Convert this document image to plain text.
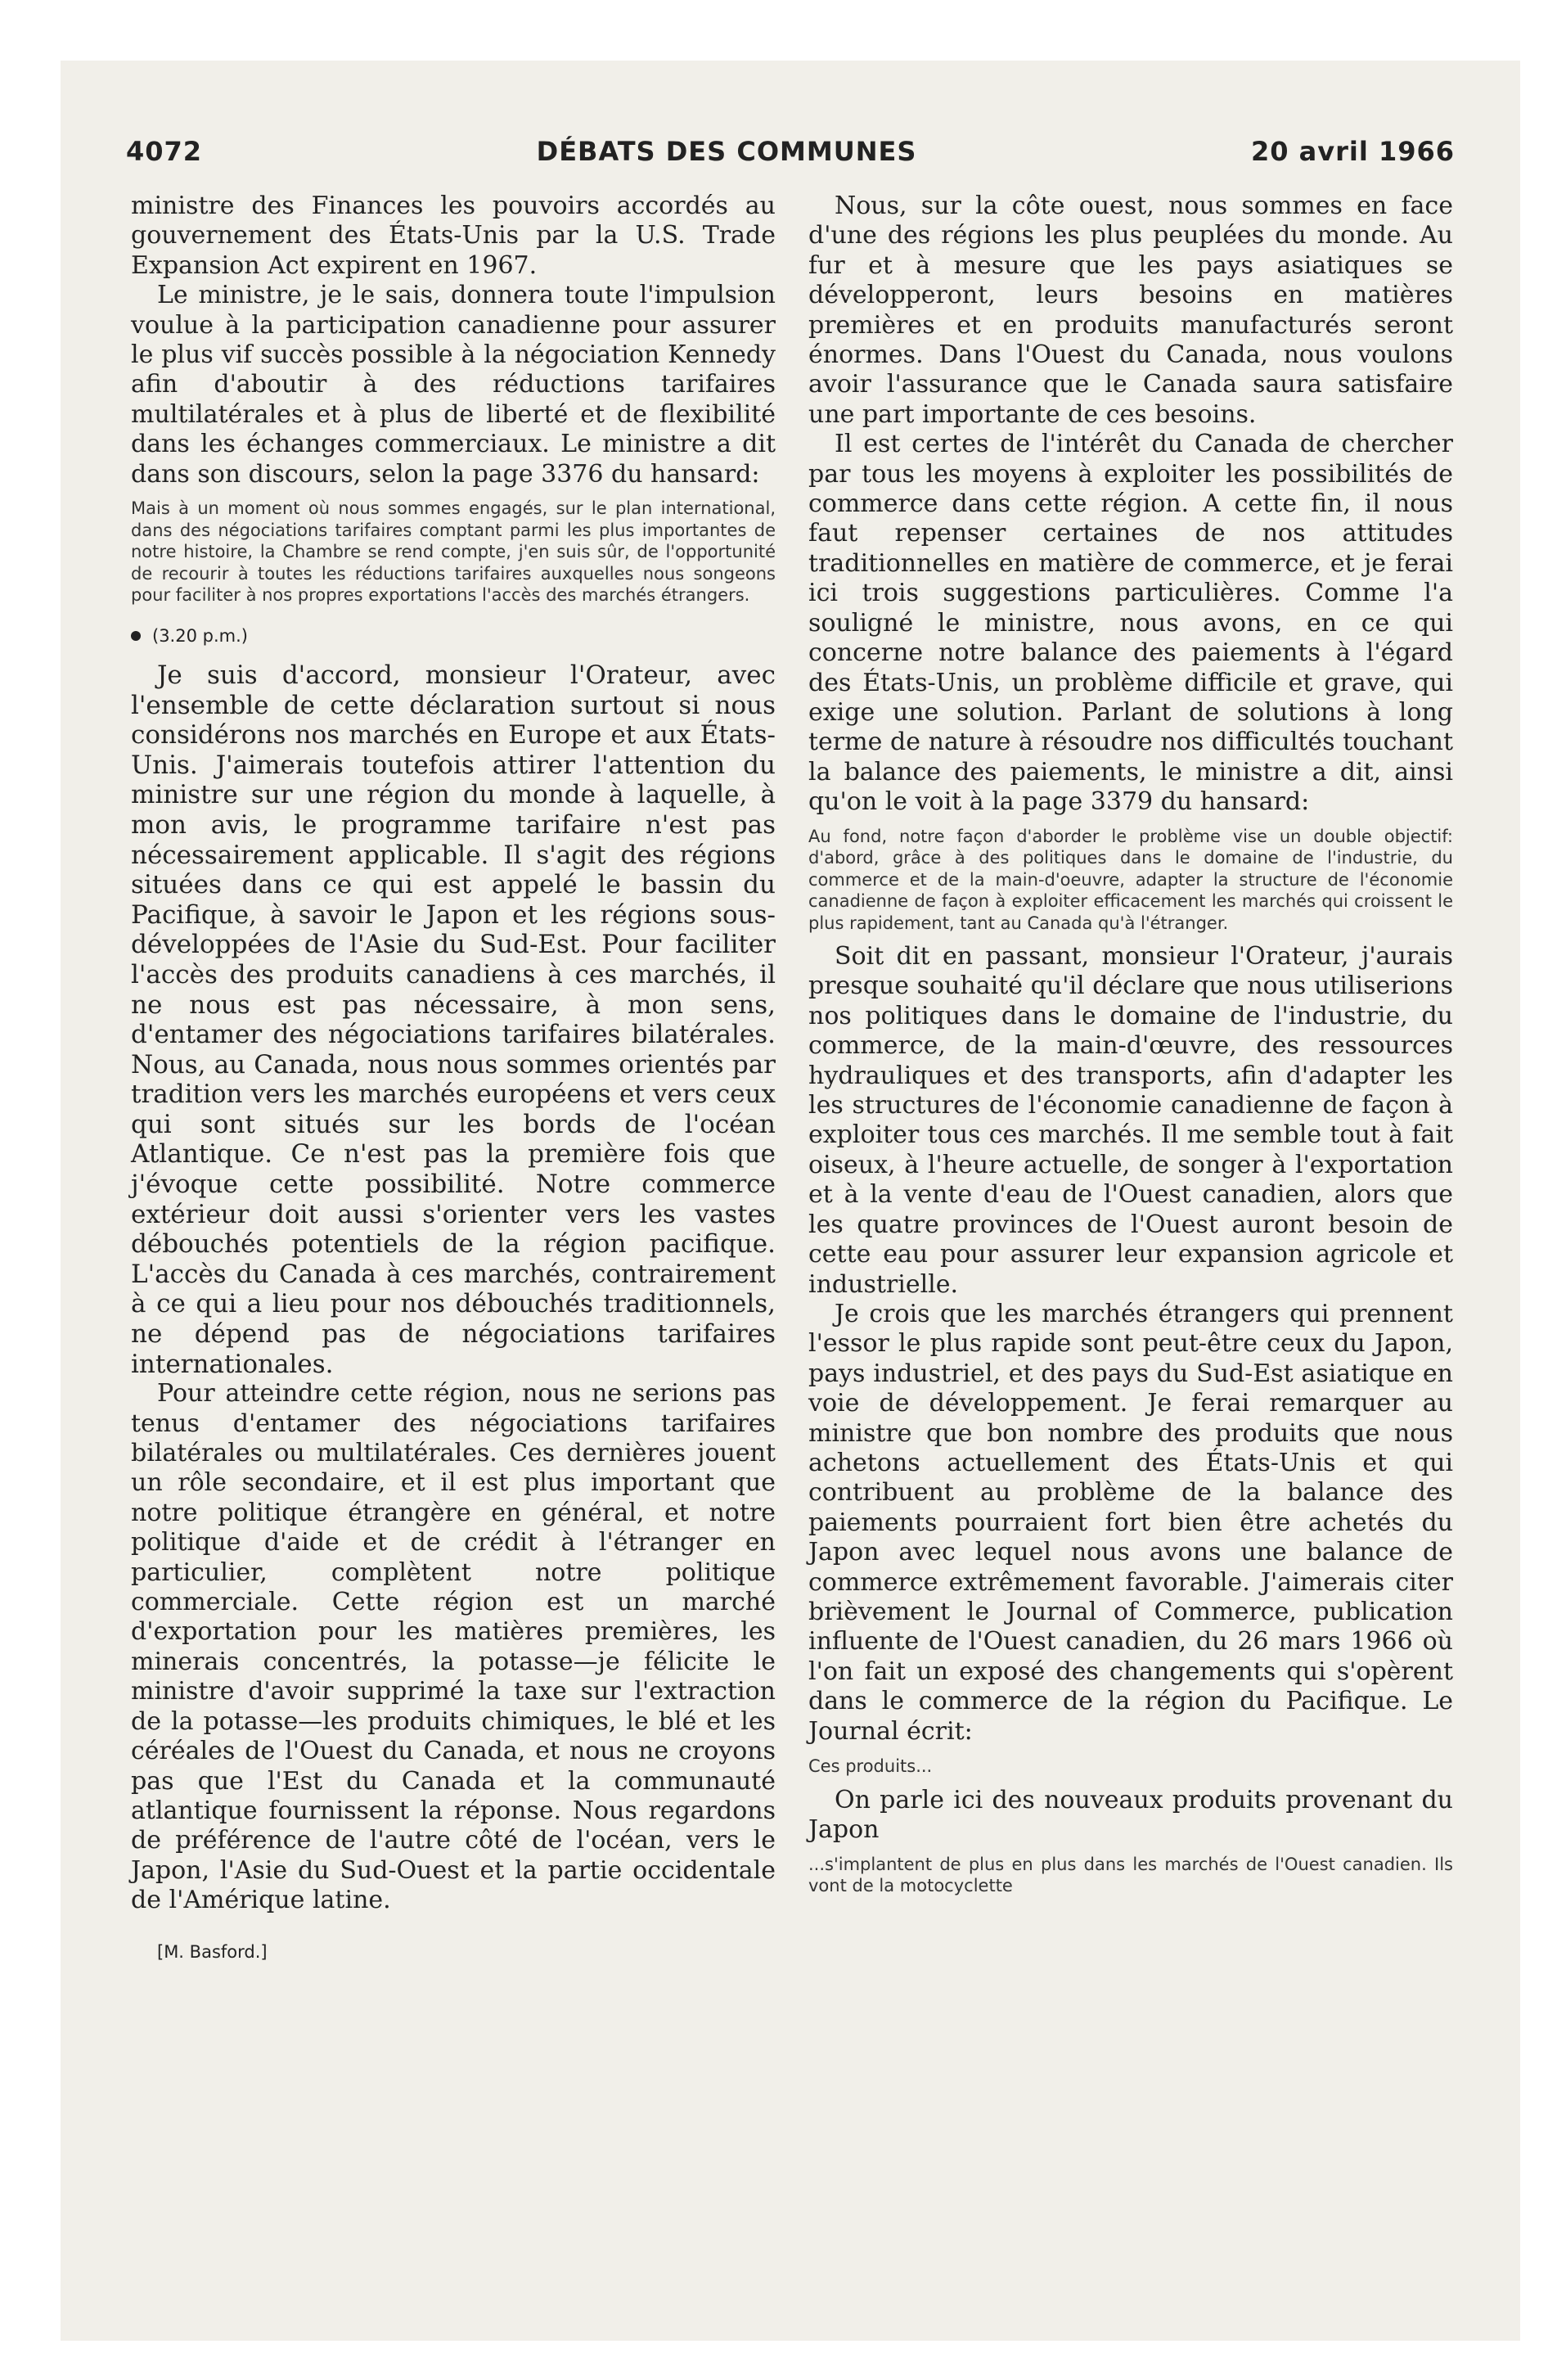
4072	DÉBATS DES COMMUNES	20 avril 1966

ministre des Finances les pouvoirs accordés au gouvernement des États-Unis par la U.S. Trade Expansion Act expirent en 1967.

Le ministre, je le sais, donnera toute l'impulsion voulue à la participation canadienne pour assurer le plus vif succès possible à la négociation Kennedy afin d'aboutir à des réductions tarifaires multilatérales et à plus de liberté et de flexibilité dans les échanges commerciaux. Le ministre a dit dans son discours, selon la page 3376 du hansard:

Mais à un moment où nous sommes engagés, sur le plan international, dans des négociations tarifaires comptant parmi les plus importantes de notre histoire, la Chambre se rend compte, j'en suis sûr, de l'opportunité de recourir à toutes les réductions tarifaires auxquelles nous songeons pour faciliter à nos propres exportations l'accès des marchés étrangers.
(3.20 p.m.)

Je suis d'accord, monsieur l'Orateur, avec l'ensemble de cette déclaration surtout si nous considérons nos marchés en Europe et aux États-Unis. J'aimerais toutefois attirer l'attention du ministre sur une région du monde à laquelle, à mon avis, le programme tarifaire n'est pas nécessairement applicable. Il s'agit des régions situées dans ce qui est appelé le bassin du Pacifique, à savoir le Japon et les régions sous-développées de l'Asie du Sud-Est. Pour faciliter l'accès des produits canadiens à ces marchés, il ne nous est pas nécessaire, à mon sens, d'entamer des négociations tarifaires bilatérales. Nous, au Canada, nous nous sommes orientés par tradition vers les marchés européens et vers ceux qui sont situés sur les bords de l'océan Atlantique. Ce n'est pas la première fois que j'évoque cette possibilité. Notre commerce extérieur doit aussi s'orienter vers les vastes débouchés potentiels de la région pacifique. L'accès du Canada à ces marchés, contrairement à ce qui a lieu pour nos débouchés traditionnels, ne dépend pas de négociations tarifaires internationales.

Pour atteindre cette région, nous ne serions pas tenus d'entamer des négociations tarifaires bilatérales ou multilatérales. Ces dernières jouent un rôle secondaire, et il est plus important que notre politique étrangère en général, et notre politique d'aide et de crédit à l'étranger en particulier, complètent notre politique commerciale. Cette région est un marché d'exportation pour les matières premières, les minerais concentrés, la potasse—je félicite le ministre d'avoir supprimé la taxe sur l'extraction de la potasse—les produits chimiques, le blé et les céréales de l'Ouest du Canada, et nous ne croyons pas que l'Est du Canada et la communauté atlantique fournissent la réponse. Nous regardons de préférence de l'autre côté de l'océan, vers le Japon, l'Asie du Sud-Ouest et la partie occidentale de l'Amérique latine.

[M. Basford.]

Nous, sur la côte ouest, nous sommes en face d'une des régions les plus peuplées du monde. Au fur et à mesure que les pays asiatiques se développeront, leurs besoins en matières premières et en produits manufacturés seront énormes. Dans l'Ouest du Canada, nous voulons avoir l'assurance que le Canada saura satisfaire une part importante de ces besoins.

Il est certes de l'intérêt du Canada de chercher par tous les moyens à exploiter les possibilités de commerce dans cette région. A cette fin, il nous faut repenser certaines de nos attitudes traditionnelles en matière de commerce, et je ferai ici trois suggestions particulières. Comme l'a souligné le ministre, nous avons, en ce qui concerne notre balance des paiements à l'égard des États-Unis, un problème difficile et grave, qui exige une solution. Parlant de solutions à long terme de nature à résoudre nos difficultés touchant la balance des paiements, le ministre a dit, ainsi qu'on le voit à la page 3379 du hansard:

Au fond, notre façon d'aborder le problème vise un double objectif: d'abord, grâce à des politiques dans le domaine de l'industrie, du commerce et de la main-d'oeuvre, adapter la structure de l'économie canadienne de façon à exploiter efficacement les marchés qui croissent le plus rapidement, tant au Canada qu'à l'étranger.

Soit dit en passant, monsieur l'Orateur, j'aurais presque souhaité qu'il déclare que nous utiliserions nos politiques dans le domaine de l'industrie, du commerce, de la main-d'œuvre, des ressources hydrauliques et des transports, afin d'adapter les les structures de l'économie canadienne de façon à exploiter tous ces marchés. Il me semble tout à fait oiseux, à l'heure actuelle, de songer à l'exportation et à la vente d'eau de l'Ouest canadien, alors que les quatre provinces de l'Ouest auront besoin de cette eau pour assurer leur expansion agricole et industrielle.

Je crois que les marchés étrangers qui prennent l'essor le plus rapide sont peut-être ceux du Japon, pays industriel, et des pays du Sud-Est asiatique en voie de développement. Je ferai remarquer au ministre que bon nombre des produits que nous achetons actuellement des États-Unis et qui contribuent au problème de la balance des paiements pourraient fort bien être achetés du Japon avec lequel nous avons une balance de commerce extrêmement favorable. J'aimerais citer brièvement le Journal of Commerce, publication influente de l'Ouest canadien, du 26 mars 1966 où l'on fait un exposé des changements qui s'opèrent dans le commerce de la région du Pacifique. Le Journal écrit:

Ces produits...

On parle ici des nouveaux produits provenant du Japon

...s'implantent de plus en plus dans les marchés de l'Ouest canadien. Ils vont de la motocyclette
